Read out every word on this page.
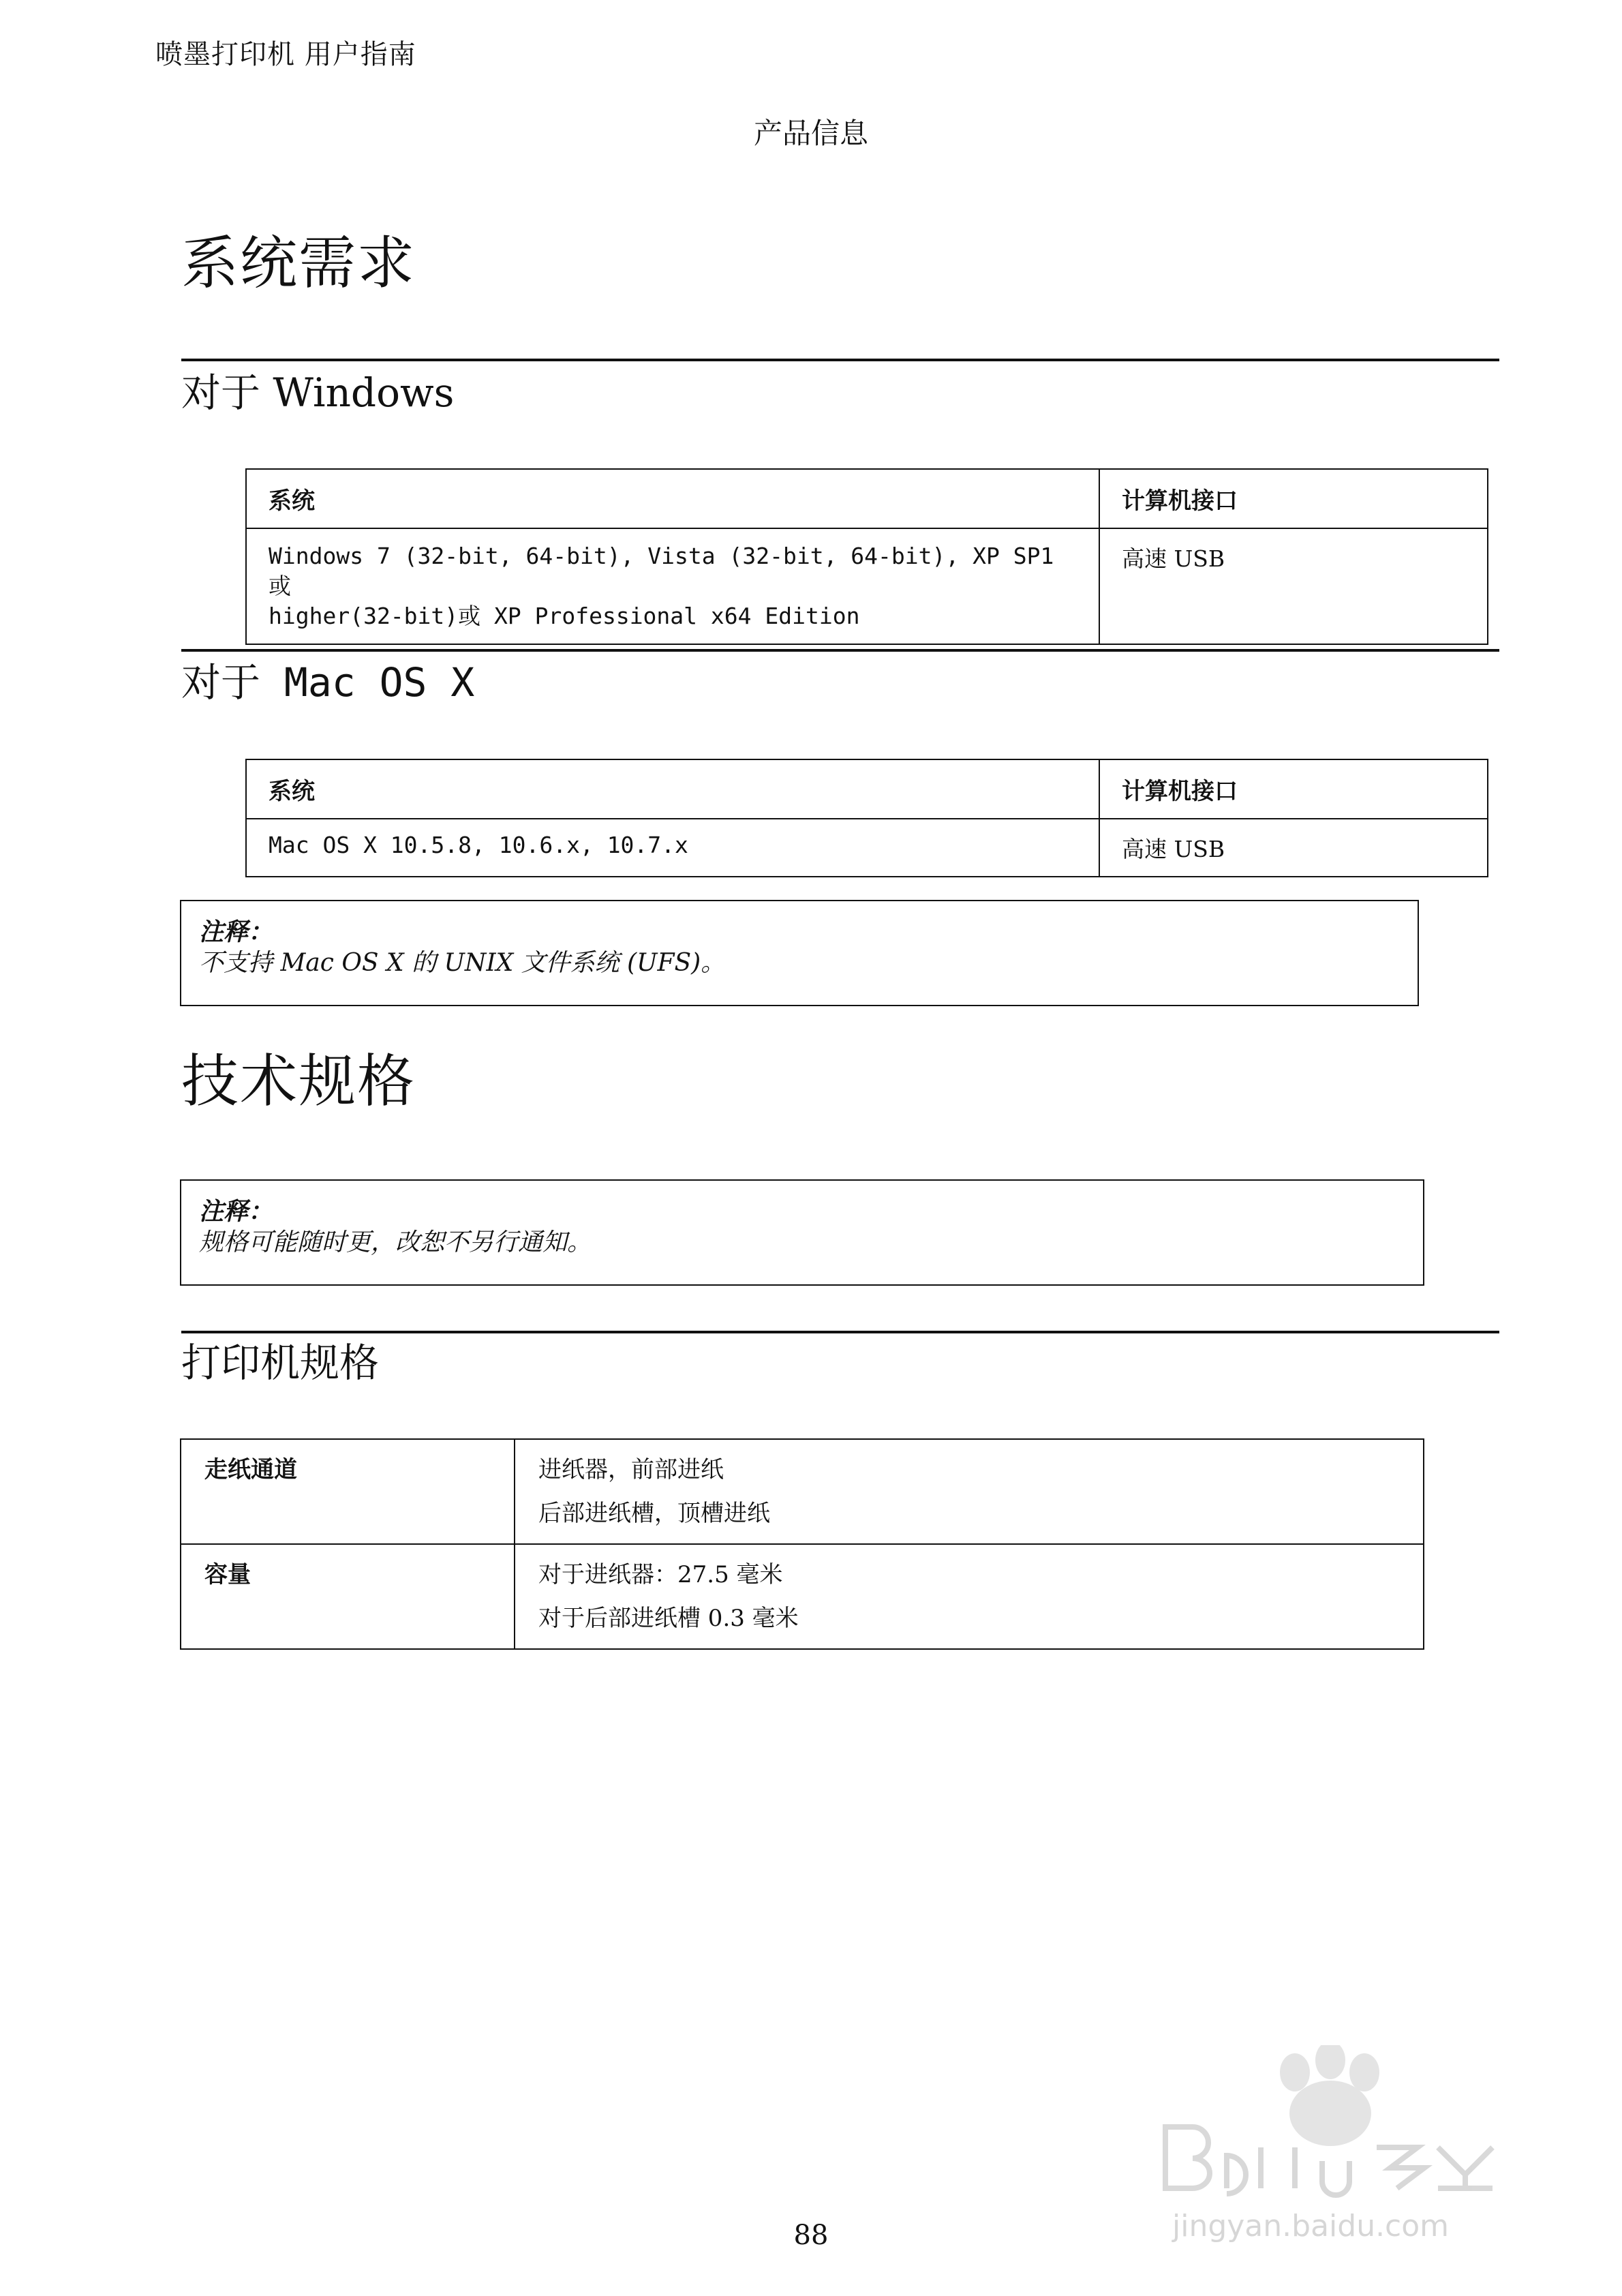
喷墨打印机 用户指南
产品信息
系统需求
对于 Windows
系统	计算机接口

Windows 7 (32-bit, 64-bit), Vista (32-bit, 64-bit), XP SP1 或
higher(32-bit)或 XP Professional x64 Edition	高速 USB
对于 Mac OS X
系统	计算机接口
Mac OS X 10.5.8, 10.6.x, 10.7.x	高速 USB
注释：
不支持 Mac OS X 的 UNIX 文件系统 (UFS)。
技术规格
注释：
规格可能随时更，改恕不另行通知。
打印机规格
走纸通道	进纸器，前部进纸
后部进纸槽，顶槽进纸

容量	对于进纸器：27.5 毫米
对于后部进纸槽 0.3 毫米
jingyan.baidu.com
88
